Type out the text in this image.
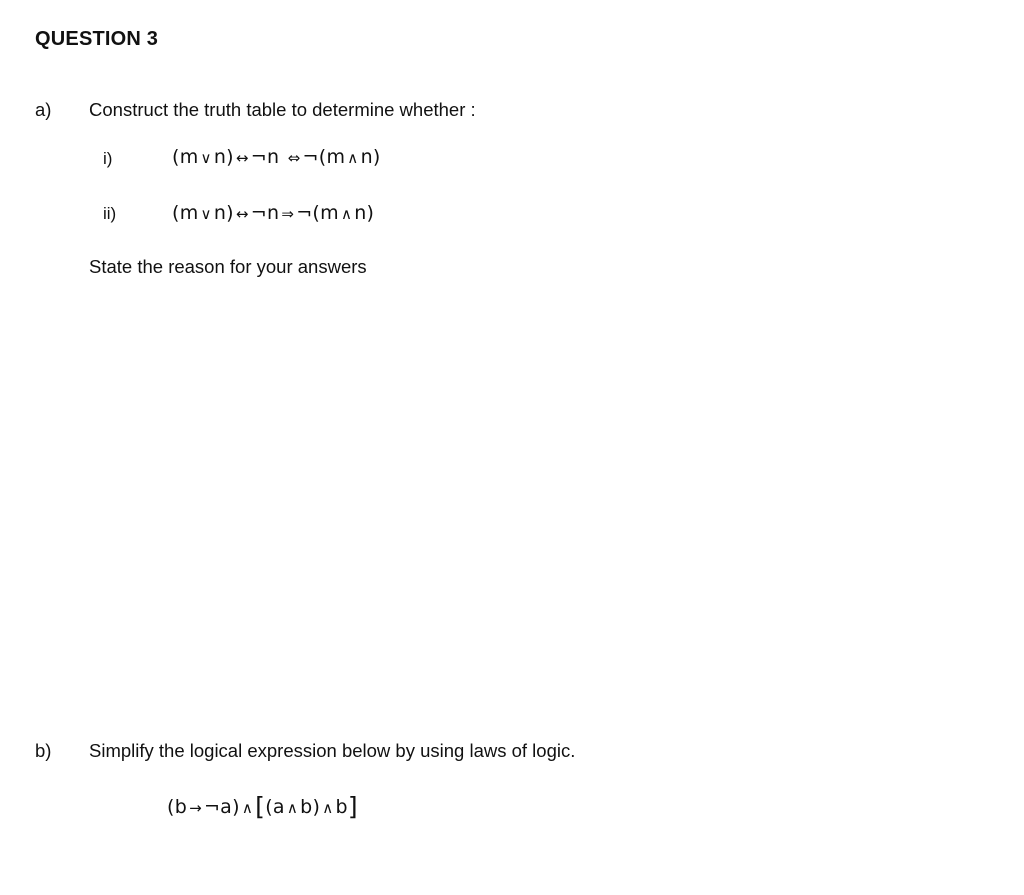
QUESTION 3
a) Construct the truth table to determine whether :
i)	(m ∨ n) ↔ ¬n ⇔ ¬(m ∧ n)
ii)	(m ∨ n) ↔ ¬n ⇒ ¬(m ∧ n)
State the reason for your answers
b) Simplify the logical expression below by using laws of logic.
(b → ¬a) ∧[(a ∧ b) ∧ b]
